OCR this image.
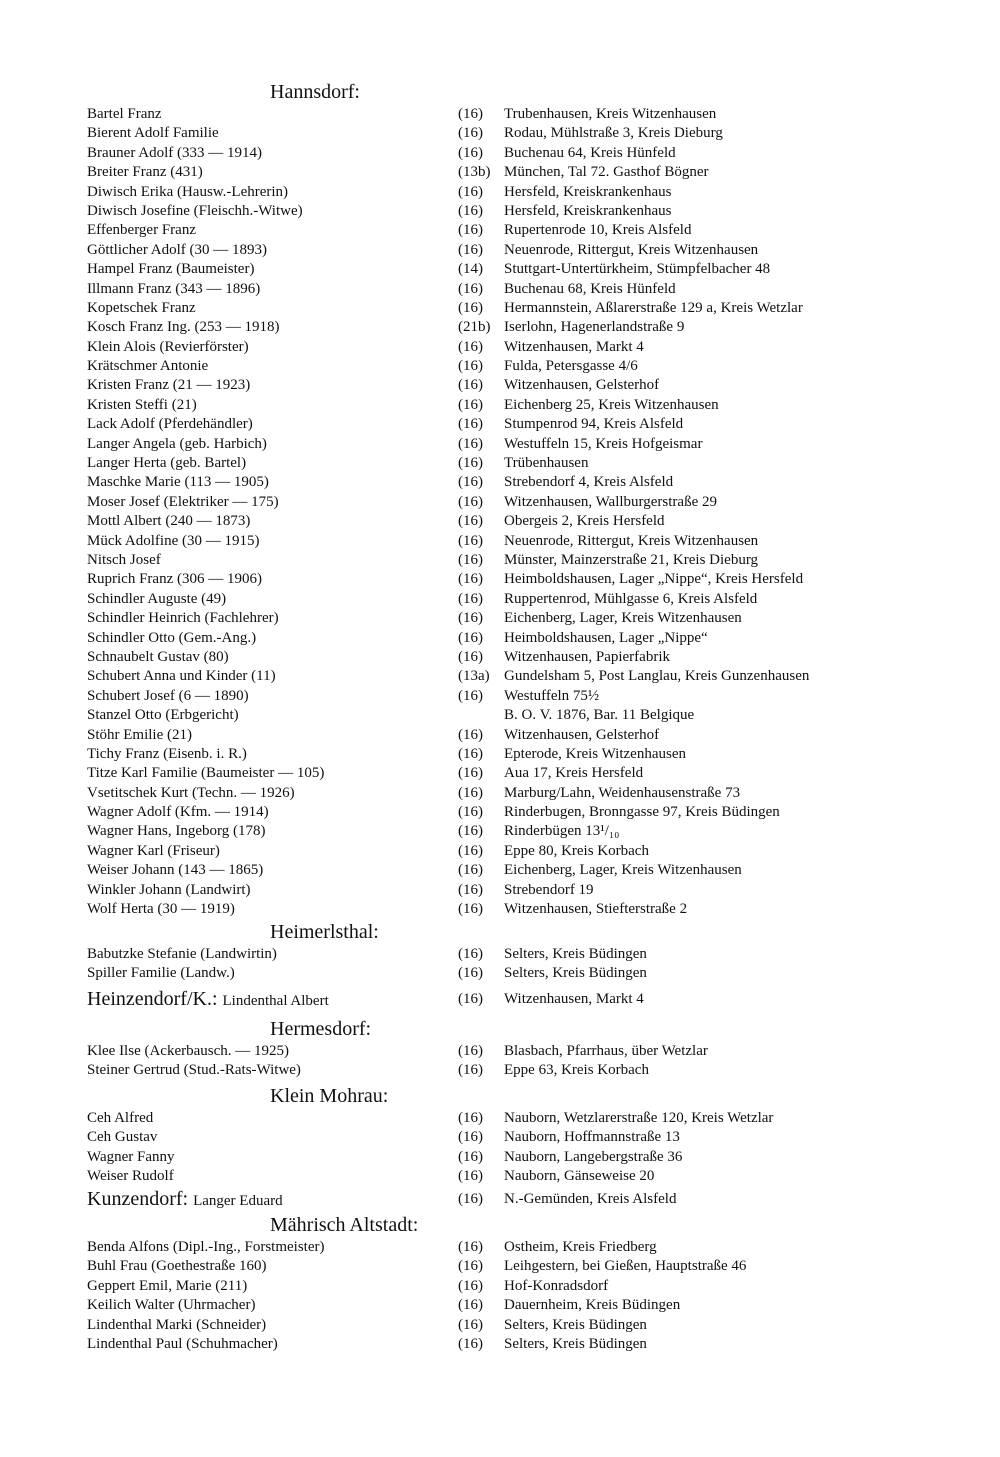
Hannsdorf:
Bartel Franz	(16) Trubenhausen, Kreis Witzenhausen
Bierent Adolf Familie	(16) Rodau, Mühlstraße 3, Kreis Dieburg
Brauner Adolf (333 — 1914)	(16) Buchenau 64, Kreis Hünfeld
Breiter Franz (431)	(13b) München, Tal 72. Gasthof Bögner
Diwisch Erika (Hausw.-Lehrerin)	(16) Hersfeld, Kreiskrankenhaus
Diwisch Josefine (Fleischh.-Witwe)	(16) Hersfeld, Kreiskrankenhaus
Effenberger Franz	(16) Rupertenrode 10, Kreis Alsfeld
Göttlicher Adolf (30 — 1893)	(16) Neuenrode, Rittergut, Kreis Witzenhausen
Hampel Franz (Baumeister)	(14) Stuttgart-Untertürkheim, Stümpfelbacher 48
Illmann Franz (343 — 1896)	(16) Buchenau 68, Kreis Hünfeld
Kopetschek Franz	(16) Hermannstein, Aßlarerstraße 129 a, Kreis Wetzlar
Kosch Franz Ing. (253 — 1918)	(21b) Iserlohn, Hagenerlandstraße 9
Klein Alois (Revierförster)	(16) Witzenhausen, Markt 4
Krätschmer Antonie	(16) Fulda, Petersgasse 4/6
Kristen Franz (21 — 1923)	(16) Witzenhausen, Gelsterhof
Kristen Steffi (21)	(16) Eichenberg 25, Kreis Witzenhausen
Lack Adolf (Pferdehändler)	(16) Stumpenrod 94, Kreis Alsfeld
Langer Angela (geb. Harbich)	(16) Westuffeln 15, Kreis Hofgeismar
Langer Herta (geb. Bartel)	(16) Trübenhausen
Maschke Marie (113 — 1905)	(16) Strebendorf 4, Kreis Alsfeld
Moser Josef (Elektriker — 175)	(16) Witzenhausen, Wallburgerstraße 29
Mottl Albert (240 — 1873)	(16) Obergeis 2, Kreis Hersfeld
Mück Adolfine (30 — 1915)	(16) Neuenrode, Rittergut, Kreis Witzenhausen
Nitsch Josef	(16) Münster, Mainzerstraße 21, Kreis Dieburg
Ruprich Franz (306 — 1906)	(16) Heimboldshausen, Lager „Nippe“, Kreis Hersfeld
Schindler Auguste (49)	(16) Ruppertenrod, Mühlgasse 6, Kreis Alsfeld
Schindler Heinrich (Fachlehrer)	(16) Eichenberg, Lager, Kreis Witzenhausen
Schindler Otto (Gem.-Ang.)	(16) Heimboldshausen, Lager „Nippe“
Schnaubelt Gustav (80)	(16) Witzenhausen, Papierfabrik
Schubert Anna und Kinder (11)	(13a) Gundelsham 5, Post Langlau, Kreis Gunzenhausen
Schubert Josef (6 — 1890)	(16) Westuffeln 75½
Stanzel Otto (Erbgericht)	B. O. V. 1876, Bar. 11 Belgique
Stöhr Emilie (21)	(16) Witzenhausen, Gelsterhof
Tichy Franz (Eisenb. i. R.)	(16) Epterode, Kreis Witzenhausen
Titze Karl Familie (Baumeister — 105)	(16) Aua 17, Kreis Hersfeld
Vsetitschek Kurt (Techn. — 1926)	(16) Marburg/Lahn, Weidenhausenstraße 73
Wagner Adolf (Kfm. — 1914)	(16) Rinderbugen, Bronngasse 97, Kreis Büdingen
Wagner Hans, Ingeborg (178)	(16) Rinderbügen 13¹/₁₀
Wagner Karl (Friseur)	(16) Eppe 80, Kreis Korbach
Weiser Johann (143 — 1865)	(16) Eichenberg, Lager, Kreis Witzenhausen
Winkler Johann (Landwirt)	(16) Strebendorf 19
Wolf Herta (30 — 1919)	(16) Witzenhausen, Stiefterstraße 2
Heimerlsthal:
Babutzke Stefanie (Landwirtin)	(16) Selters, Kreis Büdingen
Spiller Familie (Landw.)	(16) Selters, Kreis Büdingen
Heinzendorf/K.: Lindenthal Albert	(16) Witzenhausen, Markt 4
Hermesdorf:
Klee Ilse (Ackerbausch. — 1925)	(16) Blasbach, Pfarrhaus, über Wetzlar
Steiner Gertrud (Stud.-Rats-Witwe)	(16) Eppe 63, Kreis Korbach
Klein Mohrau:
Ceh Alfred	(16) Nauborn, Wetzlarerstraße 120, Kreis Wetzlar
Ceh Gustav	(16) Nauborn, Hoffmannstraße 13
Wagner Fanny	(16) Nauborn, Langebergstraße 36
Weiser Rudolf	(16) Nauborn, Gänseweise 20
Kunzendorf: Langer Eduard	(16) N.-Gemünden, Kreis Alsfeld
Mährisch Altstadt:
Benda Alfons (Dipl.-Ing., Forstmeister)	(16) Ostheim, Kreis Friedberg
Buhl Frau (Goethestraße 160)	(16) Leihgestern, bei Gießen, Hauptstraße 46
Geppert Emil, Marie (211)	(16) Hof-Konradsdorf
Keilich Walter (Uhrmacher)	(16) Dauernheim, Kreis Büdingen
Lindenthal Marki (Schneider)	(16) Selters, Kreis Büdingen
Lindenthal Paul (Schuhmacher)	(16) Selters, Kreis Büdingen
